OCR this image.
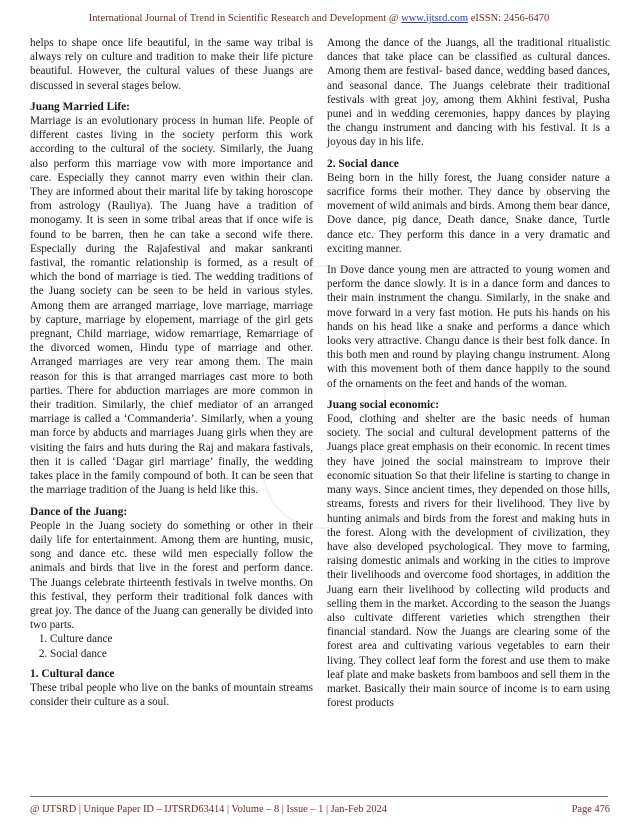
International Journal of Trend in Scientific Research and Development @ www.ijtsrd.com eISSN: 2456-6470

helps to shape once life beautiful, in the same way tribal is always rely on culture and tradition to make their life picture beautiful. However, the cultural values of these Juangs are discussed in several stages below.

Juang Married Life:

Marriage is an evolutionary process in human life. People of different castes living in the society perform this work according to the cultural of the society. Similarly, the Juang also perform this marriage vow with more importance and care. Especially they cannot marry even within their clan. They are informed about their marital life by taking horoscope from astrology (Rauliya). The Juang have a tradition of monogamy. It is seen in some tribal areas that if once wife is found to be barren, then he can take a second wife there. Especially during the Rajafestival and makar sankranti fastival, the romantic relationship is formed, as a result of which the bond of marriage is tied. The wedding traditions of the Juang society can be seen to be held in various styles. Among them are arranged marriage, love marriage, marriage by capture, marriage by elopement, marriage of the girl gets pregnant, Child marriage, widow remarriage, Remarriage of the divorced women, Hindu type of marriage and other. Arranged marriages are very rear among them. The main reason for this is that arranged marriages cast more to both parties. There for abduction marriages are more common in their tradition. Similarly, the chief mediator of an arranged marriage is called a ‘Commanderia’. Similarly, when a young man force by abducts and marriages Juang girls when they are visiting the fairs and huts during the Raj and makara fastivals, then it is called ‘Dagar girl marriage’ finally, the wedding takes place in the family compound of both. It can be seen that the marriage tradition of the Juang is held like this.

Dance of the Juang:

People in the Juang society do something or other in their daily life for entertainment. Among them are hunting, music, song and dance etc. these wild men especially follow the animals and birds that live in the forest and perform dance. The Juangs celebrate thirteenth festivals in twelve months. On this festival, they perform their traditional folk dances with great joy. The dance of the Juang can generally be divided into two parts.

1. Culture dance
2. Social dance
1. Cultural dance

These tribal people who live on the banks of mountain streams consider their culture as a soul.

Among the dance of the Juangs, all the traditional ritualistic dances that take place can be classified as cultural dances. Among them are festival- based dance, wedding based dances, and seasonal dance. The Juangs celebrate their traditional festivals with great joy, among them Akhini festival, Pusha punei and in wedding ceremonies, happy dances by playing the changu instrument and dancing with his festival. It is a joyous day in his life.

2. Social dance

Being born in the hilly forest, the Juang consider nature a sacrifice forms their mother. They dance by observing the movement of wild animals and birds. Among them bear dance, Dove dance, pig dance, Death dance, Snake dance, Turtle dance etc. They perform this dance in a very dramatic and exciting manner.

In Dove dance young men are attracted to young women and perform the dance slowly. It is in a dance form and dances to their main instrument the changu. Similarly, in the snake and move forward in a very fast motion. He puts his hands on his hands on his head like a snake and performs a dance which looks very attractive. Changu dance is their best folk dance. In this both men and round by playing changu instrument. Along with this movement both of them dance happily to the sound of the ornaments on the feet and hands of the woman.

Juang social economic:

Food, clothing and shelter are the basic needs of human society. The social and cultural development patterns of the Juangs place great emphasis on their economic. In recent times they have joined the social mainstream to improve their economic situation So that their lifeline is starting to change in many ways. Since ancient times, they depended on those hills, streams, forests and rivers for their livelihood. They live by hunting animals and birds from the forest and making huts in the forest. Along with the development of civilization, they have also developed psychological. They move to farming, raising domestic animals and working in the cities to improve their livelihoods and overcome food shortages, in addition the Juang earn their livelihood by collecting wild products and selling them in the market. According to the season the Juangs also cultivate different varieties which strengthen their financial standard. Now the Juangs are clearing some of the forest area and cultivating various vegetables to earn their living. They collect leaf form the forest and use them to make leaf plate and make baskets from bamboos and sell them in the market. Basically their main source of income is to earn using forest products

@ IJTSRD | Unique Paper ID – IJTSRD63414 | Volume – 8 | Issue – 1 | Jan-Feb 2024	Page 476
